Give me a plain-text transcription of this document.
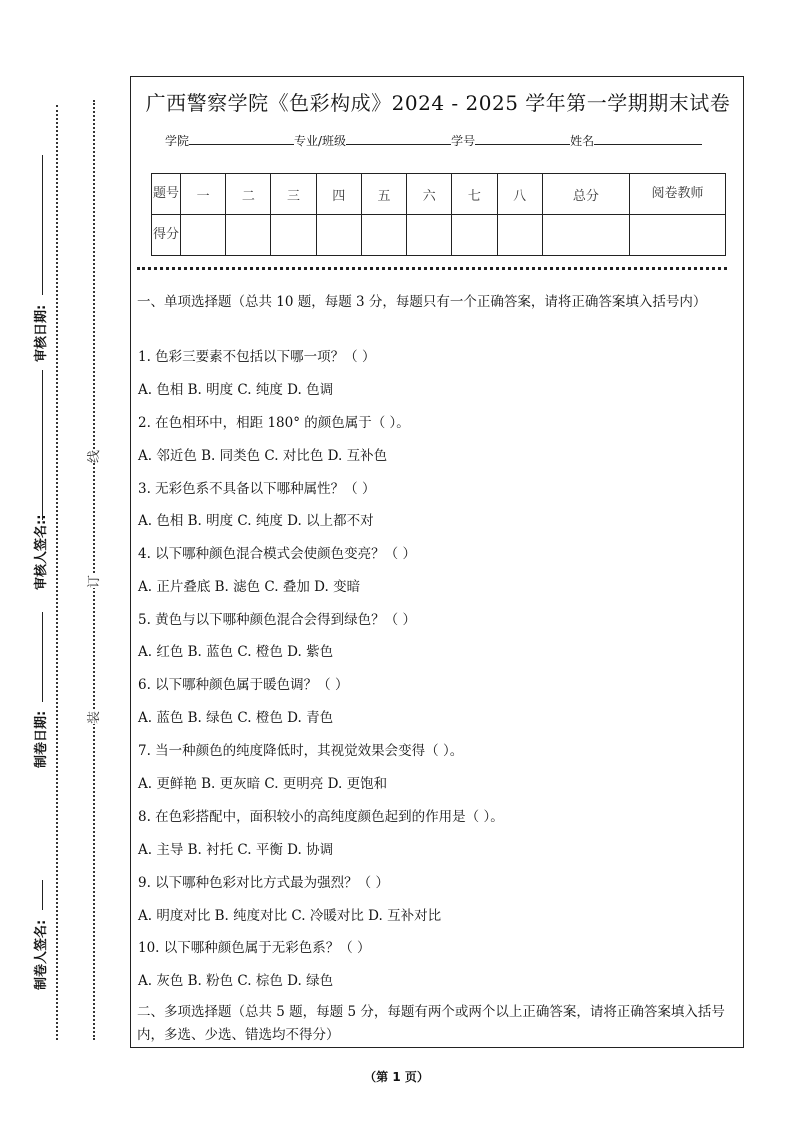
制卷人签名:
制卷日期:
审核人签名::
审核日期:
装
订
线
广西警察学院《色彩构成》2024 - 2025 学年第一学期期末试卷
学院	专业/班级	学号	姓名
题号	一	二	三	四	五	六	七	八	总分	阅卷教师
得分										
一、单项选择题（总共 10 题，每题 3 分，每题只有一个正确答案，请将正确答案填入括号内）
1. 色彩三要素不包括以下哪一项？（ ）
A. 色相 B. 明度 C. 纯度 D. 色调
2. 在色相环中，相距 180° 的颜色属于（ ）。
A. 邻近色 B. 同类色 C. 对比色 D. 互补色
3. 无彩色系不具备以下哪种属性？（ ）
A. 色相 B. 明度 C. 纯度 D. 以上都不对
4. 以下哪种颜色混合模式会使颜色变亮？（ ）
A. 正片叠底 B. 滤色 C. 叠加 D. 变暗
5. 黄色与以下哪种颜色混合会得到绿色？（ ）
A. 红色 B. 蓝色 C. 橙色 D. 紫色
6. 以下哪种颜色属于暖色调？（ ）
A. 蓝色 B. 绿色 C. 橙色 D. 青色
7. 当一种颜色的纯度降低时，其视觉效果会变得（ ）。
A. 更鲜艳 B. 更灰暗 C. 更明亮 D. 更饱和
8. 在色彩搭配中，面积较小的高纯度颜色起到的作用是（ ）。
A. 主导 B. 衬托 C. 平衡 D. 协调
9. 以下哪种色彩对比方式最为强烈？（ ）
A. 明度对比 B. 纯度对比 C. 冷暖对比 D. 互补对比
10. 以下哪种颜色属于无彩色系？（ ）
A. 灰色 B. 粉色 C. 棕色 D. 绿色
二、多项选择题（总共 5 题，每题 5 分，每题有两个或两个以上正确答案，请将正确答案填入括号内，多选、少选、错选均不得分）
（第 1 页）
